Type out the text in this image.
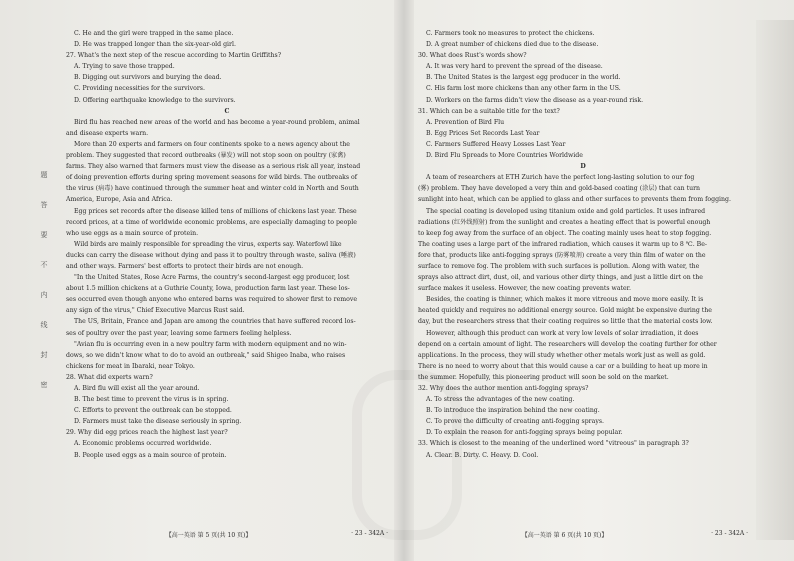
题
答
要
不
内
线
封
密
C. He and the girl were trapped in the same place.
D. He was trapped longer than the six-year-old girl.
27. What's the next step of the rescue according to Martin Griffiths?
A. Trying to save those trapped.
B. Digging out survivors and burying the dead.
C. Providing necessities for the survivors.
D. Offering earthquake knowledge to the survivors.
C
Bird flu has reached new areas of the world and has become a year-round problem, animal
and disease experts warn.
More than 20 experts and farmers on four continents spoke to a news agency about the
problem. They suggested that record outbreaks (暴发) will not stop soon on poultry (家禽)
farms. They also warned that farmers must view the disease as a serious risk all year, instead
of doing prevention efforts during spring movement seasons for wild birds. The outbreaks of
the virus (病毒) have continued through the summer heat and winter cold in North and South
America, Europe, Asia and Africa.
Egg prices set records after the disease killed tens of millions of chickens last year. These
record prices, at a time of worldwide economic problems, are especially damaging to people
who use eggs as a main source of protein.
Wild birds are mainly responsible for spreading the virus, experts say. Waterfowl like
ducks can carry the disease without dying and pass it to poultry through waste, saliva (唾液)
and other ways. Farmers' best efforts to protect their birds are not enough.
"In the United States, Rose Acre Farms, the country's second-largest egg producer, lost
about 1.5 million chickens at a Guthrie County, Iowa, production farm last year. These los-
ses occurred even though anyone who entered barns was required to shower first to remove
any sign of the virus," Chief Executive Marcus Rust said.
The US, Britain, France and Japan are among the countries that have suffered record los-
ses of poultry over the past year, leaving some farmers feeling helpless.
"Avian flu is occurring even in a new poultry farm with modern equipment and no win-
dows, so we didn't know what to do to avoid an outbreak," said Shigeo Inaba, who raises
chickens for meat in Ibaraki, near Tokyo.
28. What did experts warn?
A. Bird flu will exist all the year around.
B. The best time to prevent the virus is in spring.
C. Efforts to prevent the outbreak can be stopped.
D. Farmers must take the disease seriously in spring.
29. Why did egg prices reach the highest last year?
A. Economic problems occurred worldwide.
B. People used eggs as a main source of protein.
【高一英语 第 5 页(共 10 页)】	· 23 - 342A ·
C. Farmers took no measures to protect the chickens.
D. A great number of chickens died due to the disease.
30. What does Rust's words show?
A. It was very hard to prevent the spread of the disease.
B. The United States is the largest egg producer in the world.
C. His farm lost more chickens than any other farm in the US.
D. Workers on the farms didn't view the disease as a year-round risk.
31. Which can be a suitable title for the text?
A. Prevention of Bird Flu
B. Egg Prices Set Records Last Year
C. Farmers Suffered Heavy Losses Last Year
D. Bird Flu Spreads to More Countries Worldwide
D
A team of researchers at ETH Zurich have the perfect long-lasting solution to our fog
(雾) problem. They have developed a very thin and gold-based coating (涂层) that can turn
sunlight into heat, which can be applied to glass and other surfaces to prevents them from fogging.
The special coating is developed using titanium oxide and gold particles. It uses infrared
radiations (红外线照射) from the sunlight and creates a heating effect that is powerful enough
to keep fog away from the surface of an object. The coating mainly uses heat to stop fogging.
The coating uses a large part of the infrared radiation, which causes it warm up to 8 ℃. Be-
fore that, products like anti-fogging sprays (防雾喷剂) create a very thin film of water on the
surface to remove fog. The problem with such surfaces is pollution. Along with water, the
sprays also attract dirt, dust, oil, and various other dirty things, and just a little dirt on the
surface makes it useless. However, the new coating prevents water.
Besides, the coating is thinner, which makes it more vitreous and move more easily. It is
heated quickly and requires no additional energy source. Gold might be expensive during the
day, but the researchers stress that their coating requires so little that the material costs low.
However, although this product can work at very low levels of solar irradiation, it does
depend on a certain amount of light. The researchers will develop the coating further for other
applications. In the process, they will study whether other metals work just as well as gold.
There is no need to worry about that this would cause a car or a building to heat up more in
the summer. Hopefully, this pioneering product will soon be sold on the market.
32. Why does the author mention anti-fogging sprays?
A. To stress the advantages of the new coating.
B. To introduce the inspiration behind the new coating.
C. To prove the difficulty of creating anti-fogging sprays.
D. To explain the reason for anti-fogging sprays being popular.
33. Which is closest to the meaning of the underlined word "vitreous" in paragraph 3?
A. Clear. B. Dirty. C. Heavy. D. Cool.
【高一英语 第 6 页(共 10 页)】	· 23 - 342A ·
